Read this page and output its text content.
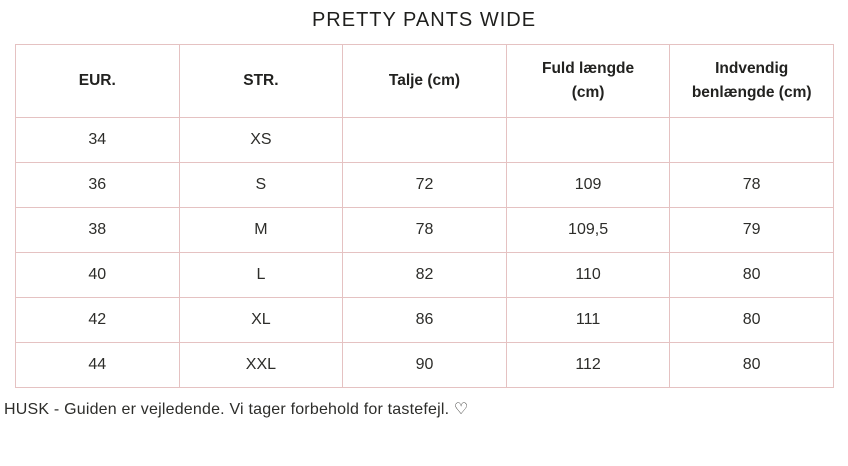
PRETTY PANTS WIDE
EUR.	STR.	Talje (cm)	Fuld længde (cm)	Indvendig benlængde (cm)
34	XS			
36	S	72	109	78
38	M	78	109,5	79
40	L	82	110	80
42	XL	86	111	80
44	XXL	90	112	80

HUSK - Guiden er vejledende. Vi tager forbehold for tastefejl. ♡
